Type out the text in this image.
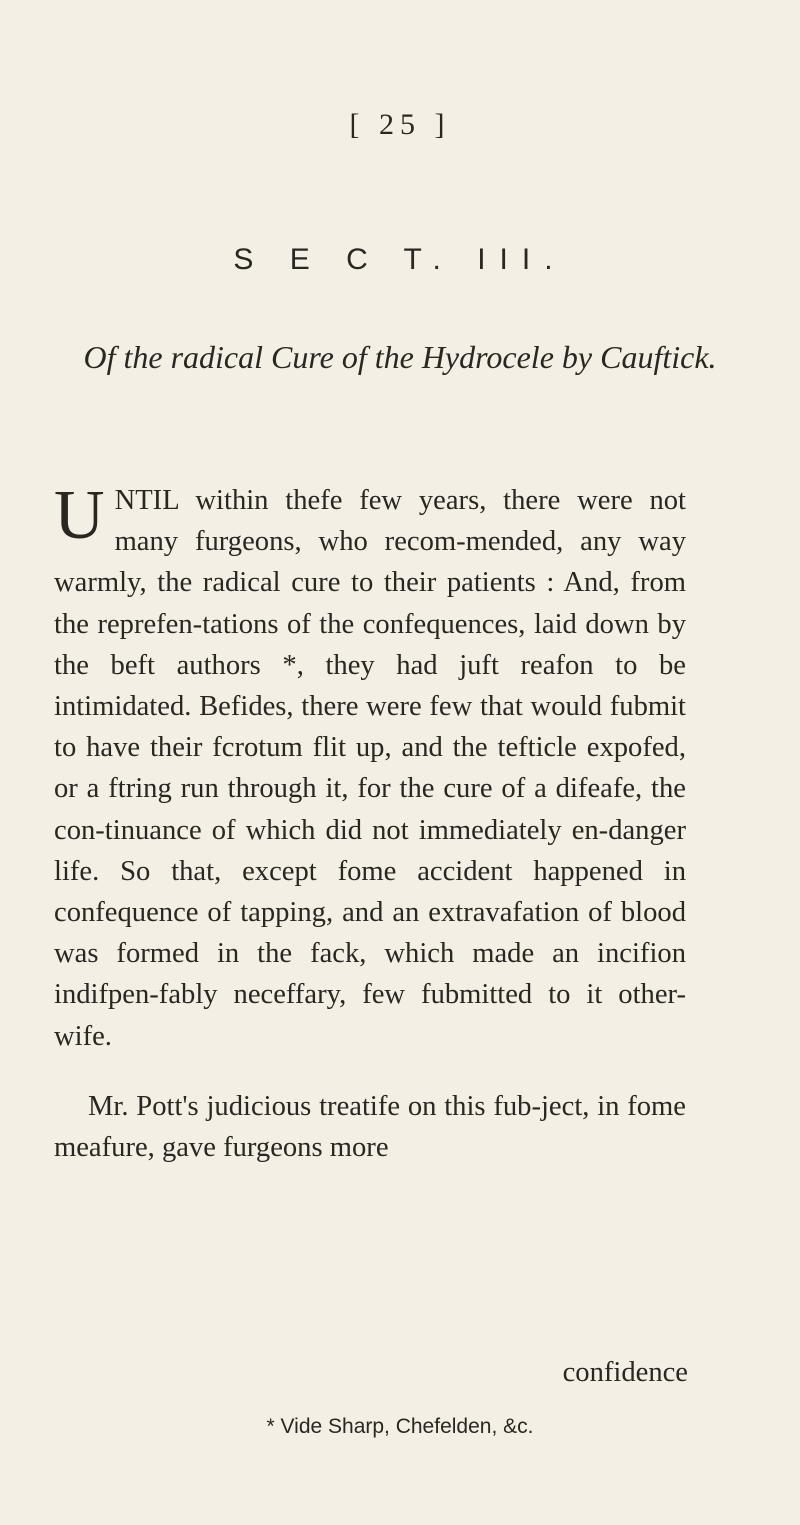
[ 25 ]
S E C T. III.
Of the radical Cure of the Hydrocele by Cauftick.

UNTIL within thefe few years, there were not many furgeons, who recom-mended, any way warmly, the radical cure to their patients : And, from the reprefen-tations of the confequences, laid down by the beft authors *, they had juft reafon to be intimidated. Befides, there were few that would fubmit to have their fcrotum flit up, and the tefticle expofed, or a ftring run through it, for the cure of a difeafe, the con-tinuance of which did not immediately en-danger life. So that, except fome accident happened in confequence of tapping, and an extravafation of blood was formed in the fack, which made an incifion indifpen-fably neceffary, few fubmitted to it other-wife.

Mr. Pott's judicious treatife on this fub-ject, in fome meafure, gave furgeons more

confidence
* Vide Sharp, Chefelden, &c.
